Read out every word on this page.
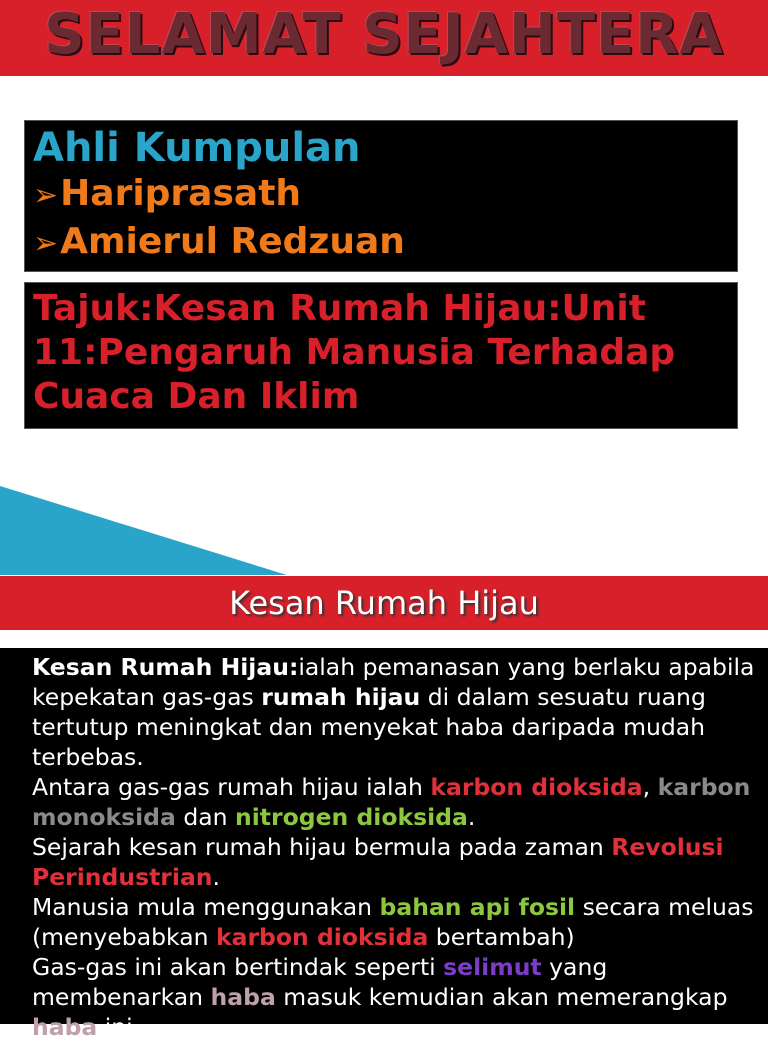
SELAMAT SEJAHTERA
Ahli Kumpulan
➢Hariprasath
➢Amierul Redzuan
Tajuk:Kesan Rumah Hijau:Unit 11:Pengaruh Manusia Terhadap Cuaca Dan Iklim
Kesan Rumah Hijau

Kesan Rumah Hijau:ialah pemanasan yang berlaku apabila kepekatan gas-gas rumah hijau di dalam sesuatu ruang tertutup meningkat dan menyekat haba daripada mudah terbebas.

Antara gas-gas rumah hijau ialah karbon dioksida, karbon monoksida dan nitrogen dioksida.

Sejarah kesan rumah hijau bermula pada zaman Revolusi Perindustrian.

Manusia mula menggunakan bahan api fosil secara meluas (menyebabkan karbon dioksida bertambah)

Gas-gas ini akan bertindak seperti selimut yang membenarkan haba masuk kemudian akan memerangkap haba ini.
